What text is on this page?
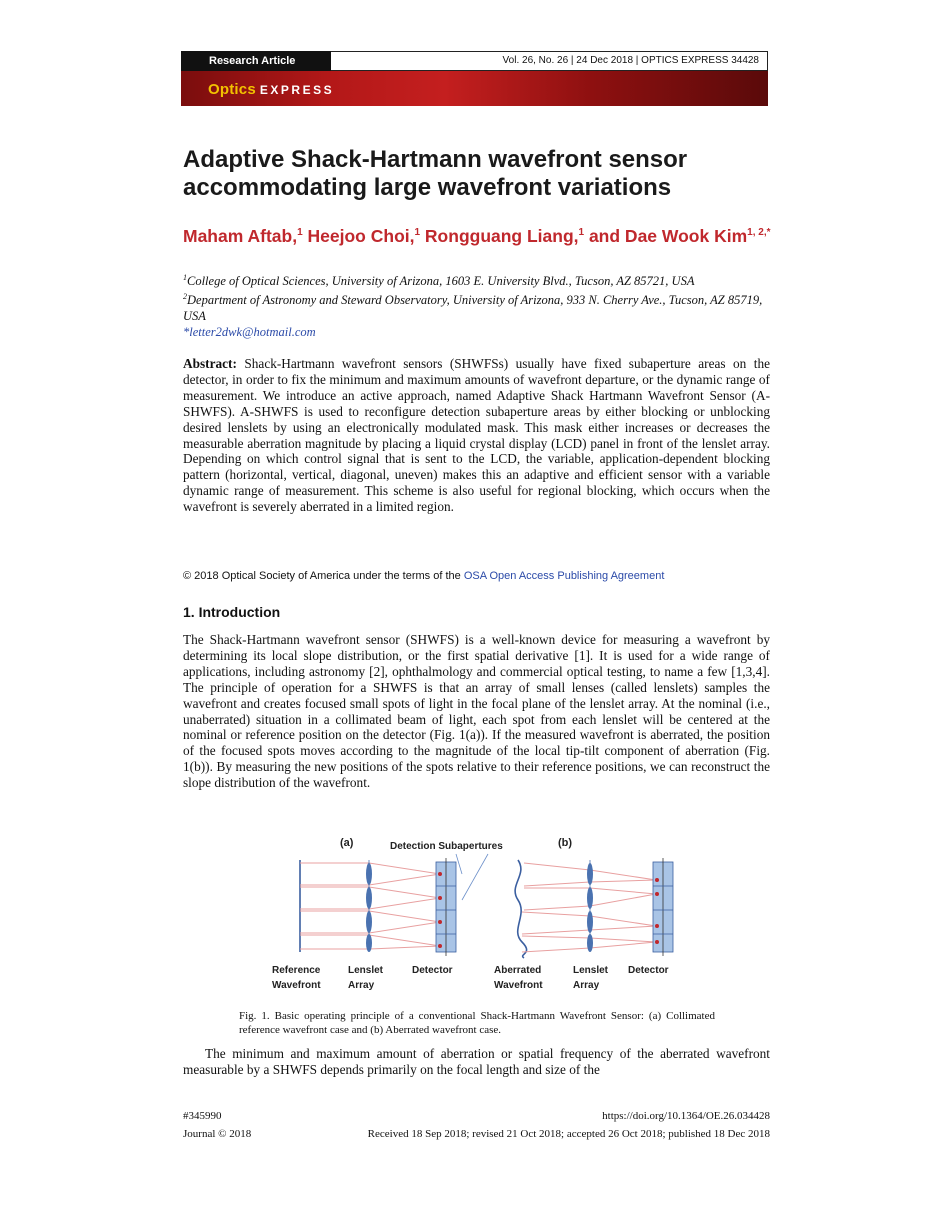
Research Article	Vol. 26, No. 26 | 24 Dec 2018 | OPTICS EXPRESS 34428
Optics EXPRESS
Adaptive Shack-Hartmann wavefront sensor accommodating large wavefront variations
Maham Aftab,$^1$ Heejoo Choi,$^1$ Rongguang Liang,$^1$ and Dae Wook Kim$^{1, 2,*}$
$^1$College of Optical Sciences, University of Arizona, 1603 E. University Blvd., Tucson, AZ 85721, USA
$^2$Department of Astronomy and Steward Observatory, University of Arizona, 933 N. Cherry Ave., Tucson, AZ 85719, USA
*letter2dwk@hotmail.com
Abstract: Shack-Hartmann wavefront sensors (SHWFSs) usually have fixed subaperture areas on the detector, in order to fix the minimum and maximum amounts of wavefront departure, or the dynamic range of measurement. We introduce an active approach, named Adaptive Shack Hartmann Wavefront Sensor (A-SHWFS). A-SHWFS is used to reconfigure detection subaperture areas by either blocking or unblocking desired lenslets by using an electronically modulated mask. This mask either increases or decreases the measurable aberration magnitude by placing a liquid crystal display (LCD) panel in front of the lenslet array. Depending on which control signal that is sent to the LCD, the variable, application-dependent blocking pattern (horizontal, vertical, diagonal, uneven) makes this an adaptive and efficient sensor with a variable dynamic range of measurement. This scheme is also useful for regional blocking, which occurs when the wavefront is severely aberrated in a limited region.
© 2018 Optical Society of America under the terms of the OSA Open Access Publishing Agreement
1. Introduction
The Shack-Hartmann wavefront sensor (SHWFS) is a well-known device for measuring a wavefront by determining its local slope distribution, or the first spatial derivative [1]. It is used for a wide range of applications, including astronomy [2], ophthalmology and commercial optical testing, to name a few [1,3,4]. The principle of operation for a SHWFS is that an array of small lenses (called lenslets) samples the wavefront and creates focused small spots of light in the focal plane of the lenslet array. At the nominal (i.e., unaberrated) situation in a collimated beam of light, each spot from each lenslet will be centered at the nominal or reference position on the detector (Fig. 1(a)). If the measured wavefront is aberrated, the position of the focused spots moves according to the magnitude of the local tip-tilt component of aberration (Fig. 1(b)). By measuring the new positions of the spots relative to their reference positions, we can reconstruct the slope distribution of the wavefront.
(a)	(b)
Detection Subapertures
Reference
Wavefront
Lenslet
Array
Detector	Aberrated
Wavefront
Lenslet
Array
Detector
Fig. 1. Basic operating principle of a conventional Shack-Hartmann Wavefront Sensor: (a) Collimated reference wavefront case and (b) Aberrated wavefront case.
The minimum and maximum amount of aberration or spatial frequency of the aberrated wavefront measurable by a SHWFS depends primarily on the focal length and size of the
#345990
Journal © 2018
https://doi.org/10.1364/OE.26.034428
Received 18 Sep 2018; revised 21 Oct 2018; accepted 26 Oct 2018; published 18 Dec 2018
